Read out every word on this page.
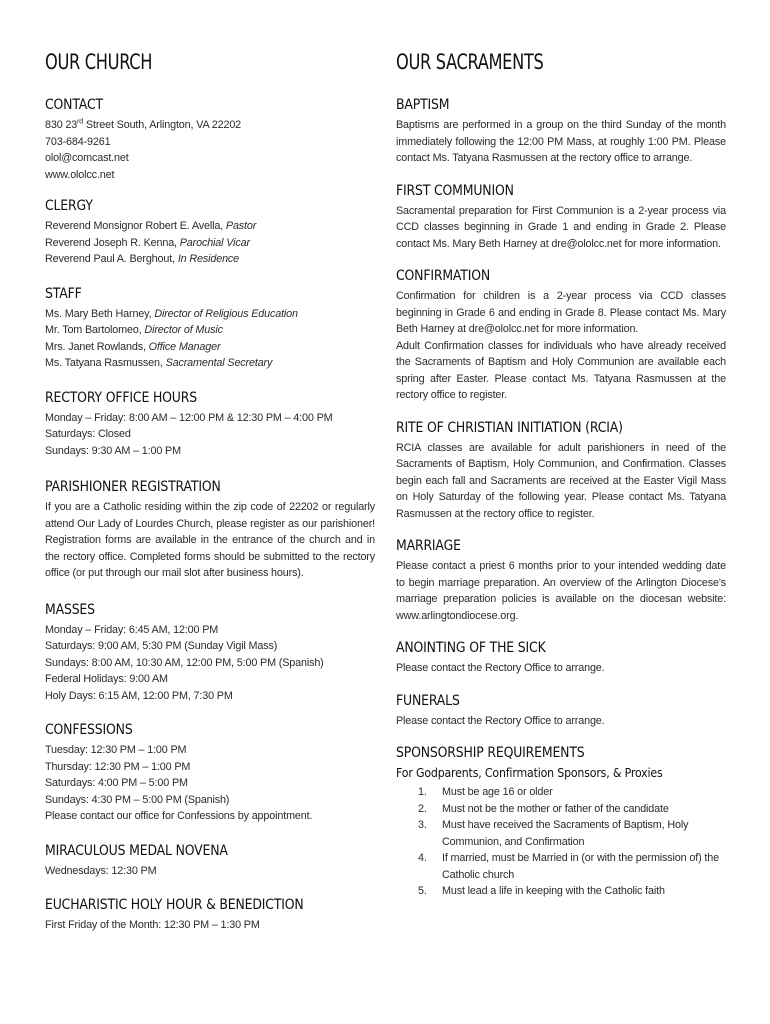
OUR CHURCH
CONTACT
830 23rd Street South, Arlington, VA 22202
703-684-9261
olol@comcast.net
www.ololcc.net
CLERGY
Reverend Monsignor Robert E. Avella, Pastor
Reverend Joseph R. Kenna, Parochial Vicar
Reverend Paul A. Berghout, In Residence
STAFF
Ms. Mary Beth Harney, Director of Religious Education
Mr. Tom Bartolomeo, Director of Music
Mrs. Janet Rowlands, Office Manager
Ms. Tatyana Rasmussen, Sacramental Secretary
RECTORY OFFICE HOURS
Monday – Friday: 8:00 AM – 12:00 PM & 12:30 PM – 4:00 PM
Saturdays: Closed
Sundays: 9:30 AM – 1:00 PM
PARISHIONER REGISTRATION
If you are a Catholic residing within the zip code of 22202 or regularly attend Our Lady of Lourdes Church, please register as our parishioner! Registration forms are available in the entrance of the church and in the rectory office. Completed forms should be submitted to the rectory office (or put through our mail slot after business hours).
MASSES
Monday – Friday: 6:45 AM, 12:00 PM
Saturdays: 9:00 AM, 5:30 PM (Sunday Vigil Mass)
Sundays: 8:00 AM, 10:30 AM, 12:00 PM, 5:00 PM (Spanish)
Federal Holidays: 9:00 AM
Holy Days: 6:15 AM, 12:00 PM, 7:30 PM
CONFESSIONS
Tuesday: 12:30 PM – 1:00 PM
Thursday: 12:30 PM – 1:00 PM
Saturdays: 4:00 PM – 5:00 PM
Sundays: 4:30 PM – 5:00 PM (Spanish)
Please contact our office for Confessions by appointment.
MIRACULOUS MEDAL NOVENA
Wednesdays: 12:30 PM
EUCHARISTIC HOLY HOUR & BENEDICTION
First Friday of the Month: 12:30 PM – 1:30 PM
OUR SACRAMENTS
BAPTISM
Baptisms are performed in a group on the third Sunday of the month immediately following the 12:00 PM Mass, at roughly 1:00 PM. Please contact Ms. Tatyana Rasmussen at the rectory office to arrange.
FIRST COMMUNION
Sacramental preparation for First Communion is a 2-year process via CCD classes beginning in Grade 1 and ending in Grade 2. Please contact Ms. Mary Beth Harney at dre@ololcc.net for more information.
CONFIRMATION
Confirmation for children is a 2-year process via CCD classes beginning in Grade 6 and ending in Grade 8. Please contact Ms. Mary Beth Harney at dre@ololcc.net for more information.
Adult Confirmation classes for individuals who have already received the Sacraments of Baptism and Holy Communion are available each spring after Easter. Please contact Ms. Tatyana Rasmussen at the rectory office to register.
RITE OF CHRISTIAN INITIATION (RCIA)
RCIA classes are available for adult parishioners in need of the Sacraments of Baptism, Holy Communion, and Confirmation. Classes begin each fall and Sacraments are received at the Easter Vigil Mass on Holy Saturday of the following year. Please contact Ms. Tatyana Rasmussen at the rectory office to register.
MARRIAGE
Please contact a priest 6 months prior to your intended wedding date to begin marriage preparation. An overview of the Arlington Diocese's marriage preparation policies is available on the diocesan website: www.arlingtondiocese.org.
ANOINTING OF THE SICK
Please contact the Rectory Office to arrange.
FUNERALS
Please contact the Rectory Office to arrange.
SPONSORSHIP REQUIREMENTS
For Godparents, Confirmation Sponsors, & Proxies
1. Must be age 16 or older
2. Must not be the mother or father of the candidate
3. Must have received the Sacraments of Baptism, Holy Communion, and Confirmation
4. If married, must be Married in (or with the permission of) the Catholic church
5. Must lead a life in keeping with the Catholic faith
